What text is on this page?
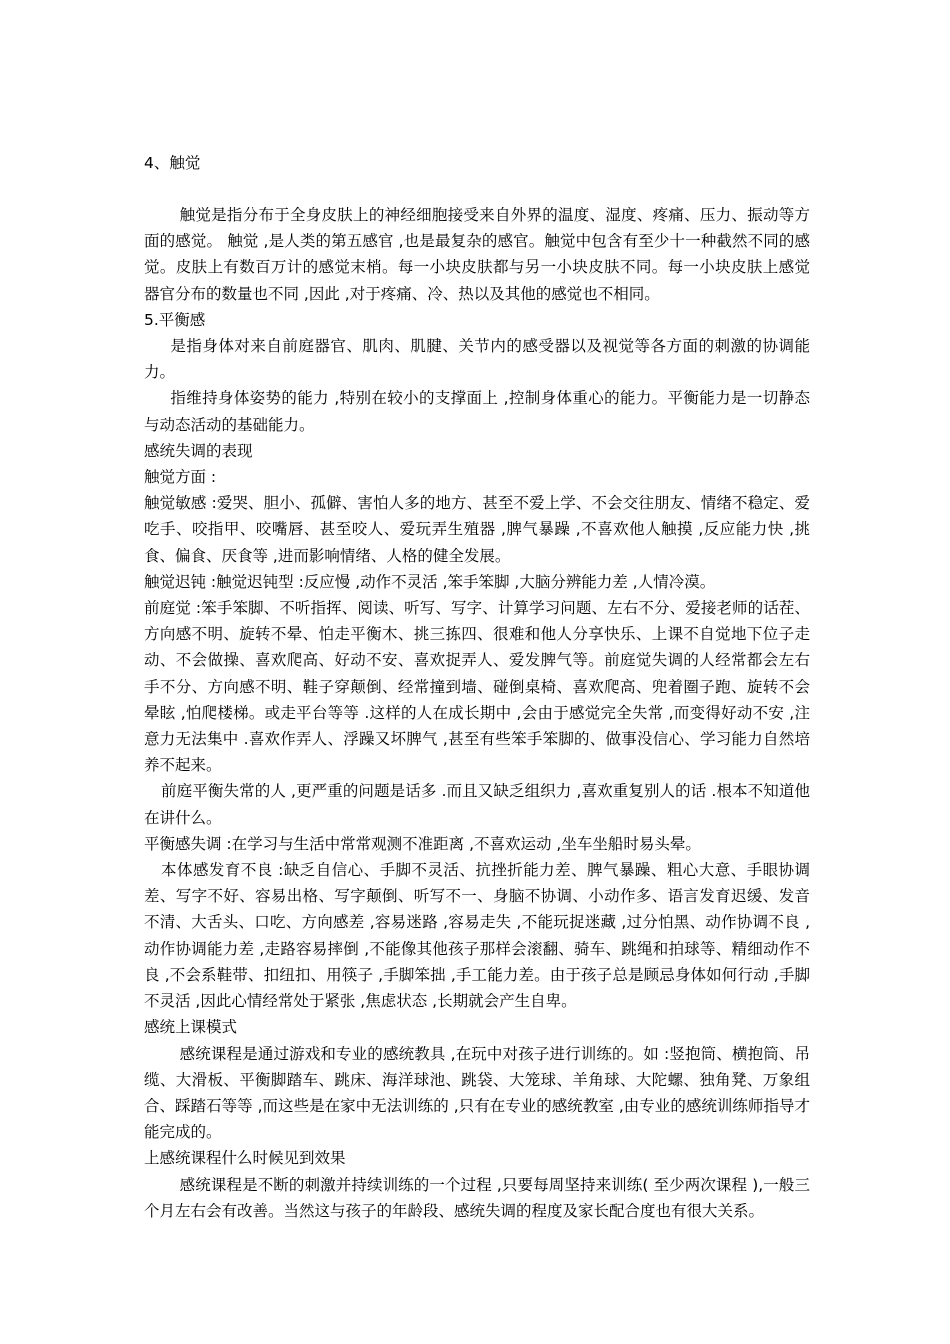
4、触觉

触觉是指分布于全身皮肤上的神经细胞接受来自外界的温度、湿度、疼痛、压力、振动等方面的感觉。 触觉 ,是人类的第五感官 ,也是最复杂的感官。触觉中包含有至少十一种截然不同的感觉。皮肤上有数百万计的感觉末梢。每一小块皮肤都与另一小块皮肤不同。每一小块皮肤上感觉器官分布的数量也不同 ,因此 ,对于疼痛、冷、热以及其他的感觉也不相同。

5.平衡感

是指身体对来自前庭器官、肌肉、肌腱、关节内的感受器以及视觉等各方面的刺激的协调能力。

指维持身体姿势的能力 ,特别在较小的支撑面上 ,控制身体重心的能力。平衡能力是一切静态与动态活动的基础能力。

感统失调的表现

触觉方面 :

触觉敏感 :爱哭、胆小、孤僻、害怕人多的地方、甚至不爱上学、不会交往朋友、情绪不稳定、爱吃手、咬指甲、咬嘴唇、甚至咬人、爱玩弄生殖器 ,脾气暴躁 ,不喜欢他人触摸 ,反应能力快 ,挑食、偏食、厌食等 ,进而影响情绪、人格的健全发展。

触觉迟钝 :触觉迟钝型 :反应慢 ,动作不灵活 ,笨手笨脚 ,大脑分辨能力差 ,人情冷漠。

前庭觉 :笨手笨脚、不听指挥、阅读、听写、写字、计算学习问题、左右不分、爱接老师的话茬、方向感不明、旋转不晕、怕走平衡木、挑三拣四、很难和他人分享快乐、上课不自觉地下位子走动、不会做操、喜欢爬高、好动不安、喜欢捉弄人、爱发脾气等。前庭觉失调的人经常都会左右手不分、方向感不明、鞋子穿颠倒、经常撞到墙、碰倒桌椅、喜欢爬高、兜着圈子跑、旋转不会晕眩 ,怕爬楼梯。或走平台等等 .这样的人在成长期中 ,会由于感觉完全失常 ,而变得好动不安 ,注意力无法集中 .喜欢作弄人、浮躁又坏脾气 ,甚至有些笨手笨脚的、做事没信心、学习能力自然培养不起来。

前庭平衡失常的人 ,更严重的问题是话多 .而且又缺乏组织力 ,喜欢重复别人的话 .根本不知道他在讲什么。

平衡感失调 :在学习与生活中常常观测不准距离 ,不喜欢运动 ,坐车坐船时易头晕。

本体感发育不良 :缺乏自信心、手脚不灵活、抗挫折能力差、脾气暴躁、粗心大意、手眼协调差、写字不好、容易出格、写字颠倒、听写不一、身脑不协调、小动作多、语言发育迟缓、发音不清、大舌头、口吃、方向感差 ,容易迷路 ,容易走失 ,不能玩捉迷藏 ,过分怕黑、动作协调不良 ,动作协调能力差 ,走路容易摔倒 ,不能像其他孩子那样会滚翻、骑车、跳绳和拍球等、精细动作不良 ,不会系鞋带、扣纽扣、用筷子 ,手脚笨拙 ,手工能力差。由于孩子总是顾忌身体如何行动 ,手脚不灵活 ,因此心情经常处于紧张 ,焦虑状态 ,长期就会产生自卑。

感统上课模式

感统课程是通过游戏和专业的感统教具 ,在玩中对孩子进行训练的。如 :竖抱筒、横抱筒、吊缆、大滑板、平衡脚踏车、跳床、海洋球池、跳袋、大笼球、羊角球、大陀螺、独角凳、万象组合、踩踏石等等 ,而这些是在家中无法训练的 ,只有在专业的感统教室 ,由专业的感统训练师指导才能完成的。

上感统课程什么时候见到效果

感统课程是不断的刺激并持续训练的一个过程 ,只要每周坚持来训练( 至少两次课程 ),一般三个月左右会有改善。当然这与孩子的年龄段、感统失调的程度及家长配合度也有很大关系。
